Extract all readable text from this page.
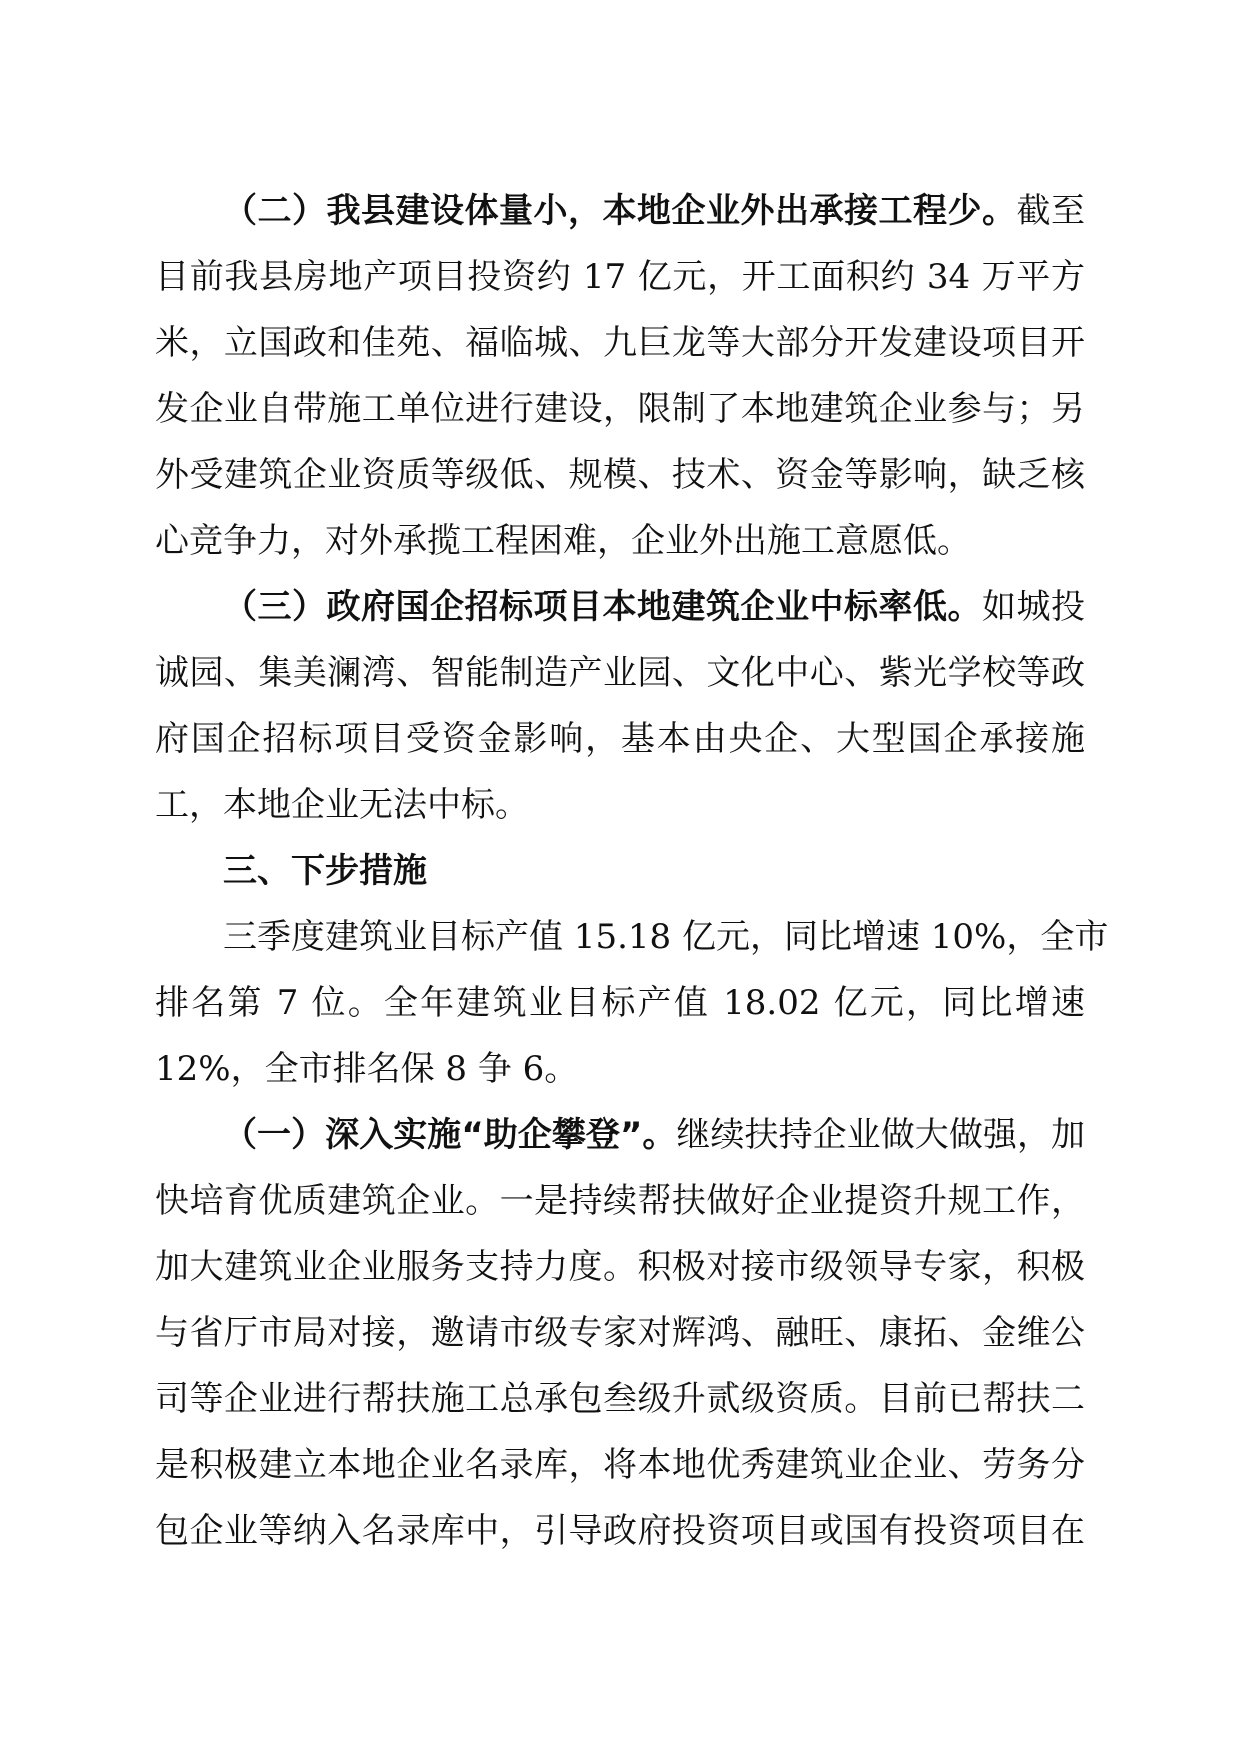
（二）我县建设体量小，本地企业外出承接工程少。截至
目前我县房地产项目投资约 17 亿元，开工面积约 34 万平方
米，立国政和佳苑、福临城、九巨龙等大部分开发建设项目开
发企业自带施工单位进行建设，限制了本地建筑企业参与；另
外受建筑企业资质等级低、规模、技术、资金等影响，缺乏核
心竞争力，对外承揽工程困难，企业外出施工意愿低。
（三）政府国企招标项目本地建筑企业中标率低。如城投
诚园、集美澜湾、智能制造产业园、文化中心、紫光学校等政
府国企招标项目受资金影响，基本由央企、大型国企承接施
工，本地企业无法中标。
三、下步措施
三季度建筑业目标产值 15.18 亿元，同比增速 10%，全市
排名第 7 位。全年建筑业目标产值 18.02 亿元，同比增速
12%，全市排名保 8 争 6。
（一）深入实施“助企攀登”。继续扶持企业做大做强，加
快培育优质建筑企业。一是持续帮扶做好企业提资升规工作，
加大建筑业企业服务支持力度。积极对接市级领导专家，积极
与省厅市局对接，邀请市级专家对辉鸿、融旺、康拓、金维公
司等企业进行帮扶施工总承包叁级升贰级资质。目前已帮扶二
是积极建立本地企业名录库，将本地优秀建筑业企业、劳务分
包企业等纳入名录库中，引导政府投资项目或国有投资项目在
